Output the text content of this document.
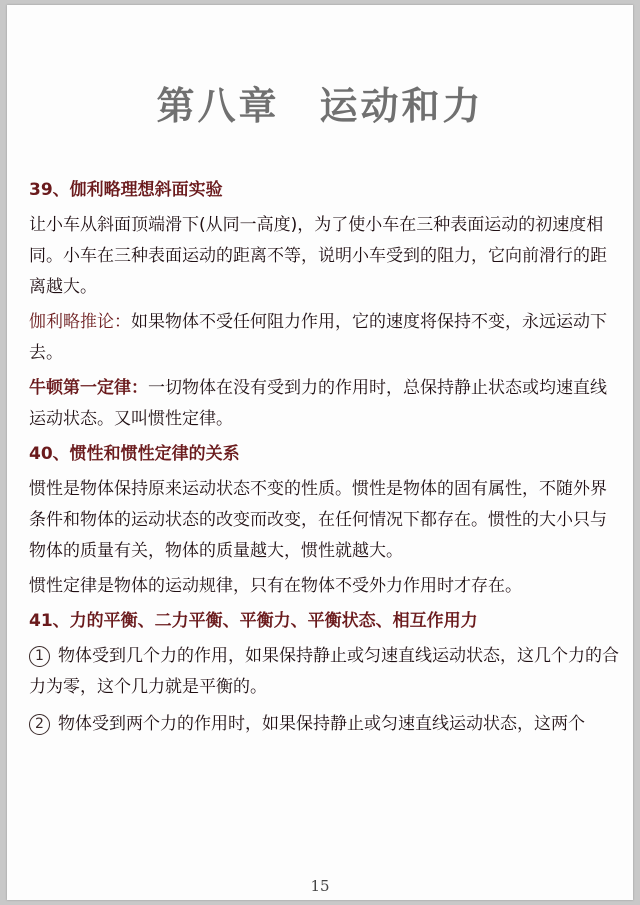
第八章 运动和力
39、伽利略理想斜面实验
让小车从斜面顶端滑下(从同一高度)，为了使小车在三种表面运动的初速度相同。小车在三种表面运动的距离不等，说明小车受到的阻力，它向前滑行的距离越大。
伽利略推论：如果物体不受任何阻力作用，它的速度将保持不变，永远运动下去。
牛顿第一定律：一切物体在没有受到力的作用时，总保持静止状态或均速直线运动状态。又叫惯性定律。
40、惯性和惯性定律的关系
惯性是物体保持原来运动状态不变的性质。惯性是物体的固有属性，不随外界条件和物体的运动状态的改变而改变，在任何情况下都存在。惯性的大小只与物体的质量有关，物体的质量越大，惯性就越大。
惯性定律是物体的运动规律，只有在物体不受外力作用时才存在。
41、力的平衡、二力平衡、平衡力、平衡状态、相互作用力
1 物体受到几个力的作用，如果保持静止或匀速直线运动状态，这几个力的合力为零，这个几力就是平衡的。
2 物体受到两个力的作用时，如果保持静止或匀速直线运动状态，这两个
15
